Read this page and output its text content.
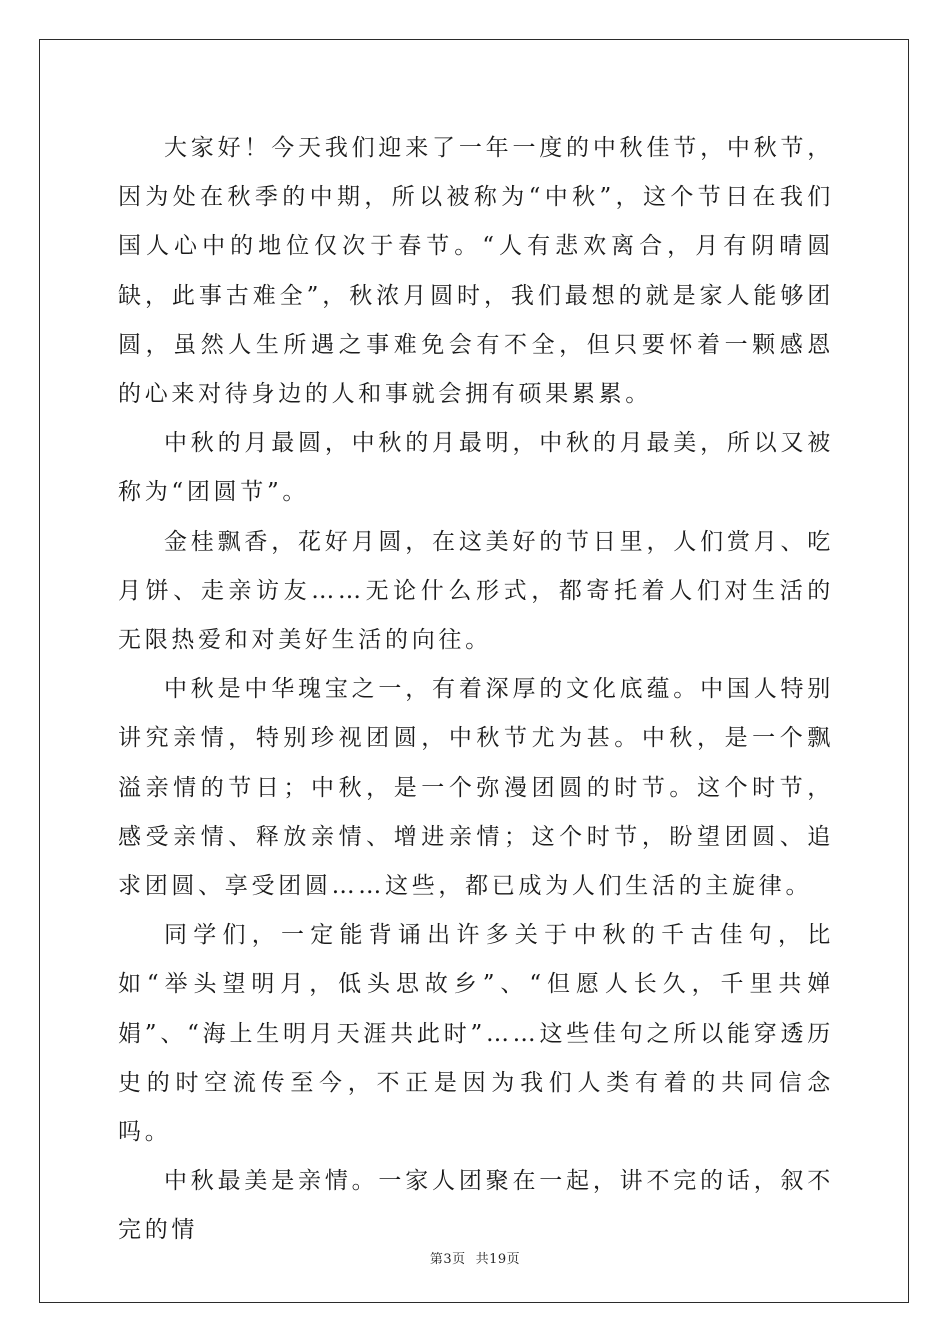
大家好！今天我们迎来了一年一度的中秋佳节，中秋节，因为处在秋季的中期，所以被称为“中秋”，这个节日在我们国人心中的地位仅次于春节。“人有悲欢离合，月有阴晴圆缺，此事古难全”，秋浓月圆时，我们最想的就是家人能够团圆，虽然人生所遇之事难免会有不全，但只要怀着一颗感恩的心来对待身边的人和事就会拥有硕果累累。

中秋的月最圆，中秋的月最明，中秋的月最美，所以又被称为“团圆节”。

金桂飘香，花好月圆，在这美好的节日里，人们赏月、吃月饼、走亲访友……无论什么形式，都寄托着人们对生活的无限热爱和对美好生活的向往。

中秋是中华瑰宝之一，有着深厚的文化底蕴。中国人特别讲究亲情，特别珍视团圆，中秋节尤为甚。中秋，是一个飘溢亲情的节日；中秋，是一个弥漫团圆的时节。这个时节，感受亲情、释放亲情、增进亲情；这个时节，盼望团圆、追求团圆、享受团圆……这些，都已成为人们生活的主旋律。

同学们，一定能背诵出许多关于中秋的千古佳句，比如“举头望明月，低头思故乡”、“但愿人长久，千里共婵娟”、“海上生明月天涯共此时”……这些佳句之所以能穿透历史的时空流传至今，不正是因为我们人类有着的共同信念吗。

中秋最美是亲情。一家人团聚在一起，讲不完的话，叙不完的情

第3页 共19页
